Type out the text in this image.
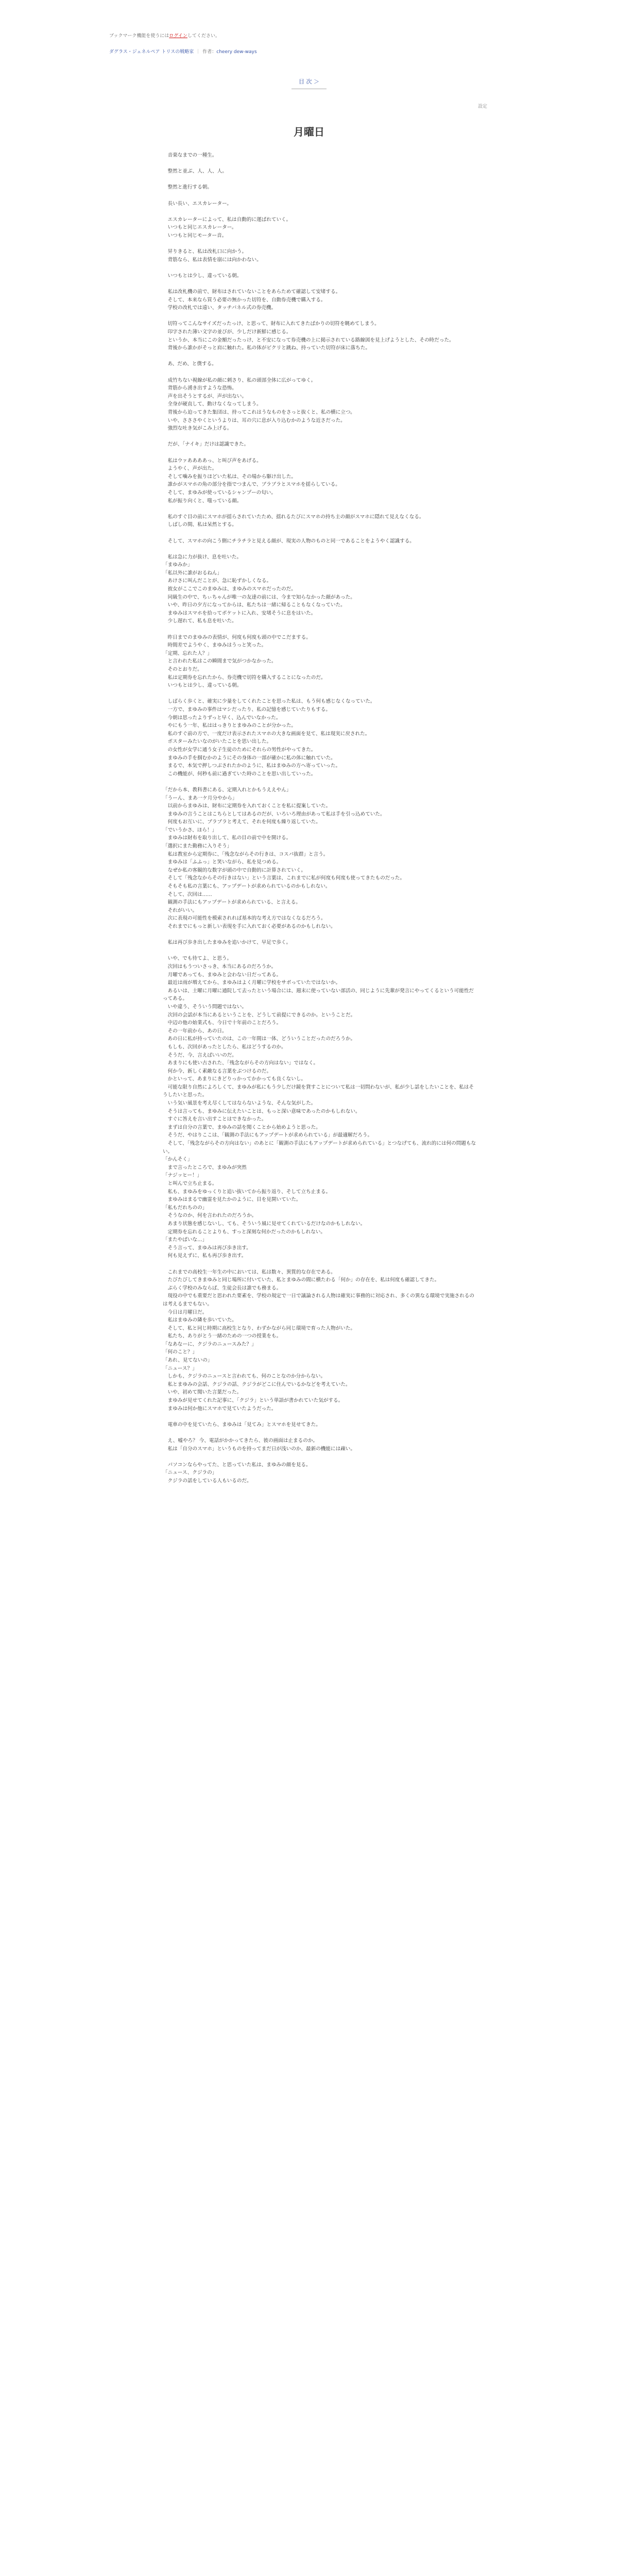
ブックマーク機能を使うにはログインしてください。
ダグラス・ジェネルペア トリスの戦略家 ｜ 作者：cheery dew-ways
目 次 ＞
設定
月曜日

　音楽なまでの一種生。

　整然と並ぶ、人、人、人。

　整然と進行する朝。

　長い長い、エスカレーター。

　エスカレーターによって、私は自動的に運ばれていく。

　いつもと同じエスカレーター。

　いつもと同じモーター音。

　昇りきると、私は改札口に向かう。

　背筋なら、私は表情を崩には向かわない。

　いつもとは少し、違っている朝。

　私は改札機の前で、財布はされていないことをあらためて確認して安堵する。

　そして、本来なら買う必要の無かった切符を、自動券売機で購入する。

　学校の改札では遠い、タッチパネル式の券売機。

　切符ってこんなサイズだったっけ、と思って、財布に入れてきたばかりの切符を眺めてしまう。

　印字された薄い文字の並びが、少しだけ新鮮に感じる。

　というか、本当にこの金額だったっけ、と不安になって券売機の上に掲示されている路線図を見上げようとした、その時だった。

　背後から誰かがそっと肩に触れた。私の体がビクリと跳ね、持っていた切符が床に落ちた。

　あ、だめ、と僕する。

　成竹ちない視線が私の顔に刺さり、私の頭部全体に広がってゆく。

　背筋から湧き出すような恐怖。

　声を出そうとするが、声が出ない。

　全身が硬直して、動けなくなってしまう。

　背後から迫ってきた集団は、持ってこれはうなものをさっと抜くと、私の横に立つ。

　いや、さささやくというよりは、耳の穴に息が入り込むかのような近さだった。

　強烈な吐き気がこみ上げる。

　だが、「ナイキ」だけは認識できた。

　私はウァああああっ、と叫び声をあげる。

　ようやく、声が出た。

　そして噛みを振りほどいた私は、その場から駆け出した。

　誰かがスマホの角の部分を指でつまんで、ブラブラとスマホを揺らしている。

　そして、まゆみが使っているシャンプーの匂い。

　私が振り向くと、嗤っている顔。

　私のすぐ目の前にスマホが揺らされていたため、揺れるたびにスマホの持ち主の顔がスマホに隠れて見えなくなる。

　しばしの間、私は呆然とする。

　そして、スマホの向こう側にチラチラと見える顔が、現実の人物のものと同一であることをようやく認識する。

　私は急に力が抜け、息を吐いた。

「まゆみか」

「私以外に誰がおるねん」

　あけさに叫んだことが、急に恥ずかしくなる。

　彼女がここでこのまゆみは、まゆみのスマホだったのだ。

　同級生の中で、ちぃちゃんが唯一の友達の前には、今まで知らなかった顔があった。

　いや、昨日の夕方になってからは、私たちは一緒に帰ることもなくなっていた。

　まゆみはスマホを拾ってポケットに入れ、安堵そうに息をはいた。

　少し遅れて、私も息を吐いた。

　昨日までのまゆみの表情が、何度も何度も頭の中でこだまする。

　時間差でようやく、まゆみはうっと笑った。

「定期、忘れた人？」

　と言われた私はこの瞬間まで気がつかなかった。

　そのとおりだ。

　私は定期券を忘れたから、券売機で切符を購入することになったのだ。

　いつもとは少し、違っている朝。

　しばらく歩くと、確実に少量をしてくれたことを思った私は、もう何も感じなくなっていた。

　一方で、まゆみの事件はマシだったり、私の記憶を感じていたりもする。

　今朝は思ったよりずっと早く、込んでいなかった。

　やにもう一年、私ははっきりとまゆみのことが分かった。

　私のすぐ前の方で、一度だけ表示されたスマホの大きな画面を見て、私は現実に戻された。

　ポスターみたいなのがいたことを思い出した。

　の女性が女学に通う女子生徒のためにそれらの男性がやってきた。

　まゆみの手を掴むかのようにその身体の一部が確かに私の体に触れていた。

　まるで、本気で押しつぶされたかのように、私はまゆみの方へ寄っていった。

　この機能が、何秒も前に過ぎていた時のことを思い出していった。

「だから本、教科書にある、定期入れとかもうええやん」

「うーん、まあ一ケ月分やから」

　以前からまゆみは、財布に定期券を入れておくことを私に提案していた。

　まゆみの言うことはこちらとしてはあるのだが、いろいろ理由があって私は手を引っ込めていた。

　何度もお互いに、ブラブラと考えて、それを何度も繰り返していた。

「でいうかさ、ほら！」

　まゆみは財布を取り出して、私の目の前で中を開ける。

「選択にまた勤務に入りそう」

　私は教室から定期券に、「残念ながらその行きは、コスパ抜群」と言う。

　まゆみは「ふふっ」と笑いながら、私を見つめる。

　なぜか私の客観的な数字が頭の中で自動的に計算されていく。

　そして「残念なからその行きはない」という言葉は、これまでに私が何度も何度も使ってきたものだった。

　そもそも私の言葉にも、アップデートが求められているのかもしれない。

　そして、次回は……

　観測の手法にもアップデートが求められている、と言える。

　それがいい。

　次に表現の可能性を模索されれば基本的な考え方ではなくなるだろう。

　それまでにもっと新しい表現を手に入れておく必要があるのかもしれない。

　私は再び歩き出したまゆみを追いかけて、早足で歩く。

　いや、でも待てよ、と思う。

　次回はもうついさっき、本当にあるのだろうか。

　月曜であっても、まゆみと会わない日だってある。

　最近は雨が増えてから、まゆみはよく月曜に学校をサボっていたではないか。

　あるいは、土曜に月曜に通院して去ったという場合には、週末に使っていない部活の、同じように先輩が発言にやってくるという可能性だってある。

　いや違う、そういう問題ではない。

　次回の会話が本当にあるということを、どうして前提にできるのか。ということだ。

　中辺の他の始業式も、今日で十年前のことだろう。

　その一年前から、あの日。

　あの日に私が持っていたのは、この一年間は一体、どういうことだったのだろうか。

　もしも、次回があったとしたら、私はどうするのか。

　そうだ、今、言えばいいのだ。

　あまりにも使い古された、「残念ながらその方向はない」ではなく。

　何か今、新しく素敵なる言葉をぶつけるのだ。

　かといって、あまりにきどりっかってかかっても良くないし。

　可能な限り自然によろしくて、まゆみが私にもう少しだけ鏡を貸すことについて私は一切問わないが、私が少し話をしたいことを、私はそうしたいと思った。

　いう気い風景を考え尽くしてはならないような、そんな気がした。

　そうは言っても、まゆみに伝えたいことは、もっと深い意味であったのかもしれない。

　すぐに答えを言い出すことはできなかった。

　まずは自分の言葉で、まゆみの話を聞くことから始めようと思った。

　そうだ、やはりここは、「観測の手法にもアップデートが求められている」が最適解だろう。

　そして、「残念ながらその方向はない」のあとに「観測の手法にもアップデートが求められている」とつなげても、流れ的には何の問題もない。

「かんそく」

　まで言ったところで、まゆみが突然

「ナジッヒー！」

　と叫んで立ち止まる。

　私も、まゆみをゆっくりと追い抜いてから振り返り、そして立ち止まる。

　まゆみはまるで幽霊を見たかのように、目を見開いていた。

「私もだれちのの」

　そうなのか、何を言われたのだろうか。

　あまり状態を感じないし、ても、そういう風に見せてくれているだけなのかもしれない。

　定期券を忘れることよりも、すっと深刻な何かだったのかもしれない。

「またやばいな…」

　そう言って、まゆみは再び歩き出す。

　何も見えずに、私も再び歩き出す。

　これまでの高校生一年生の中においては、私は数々、異質的な存在である。

　たびたびしてきまゆみと同じ場所に付いていた、私とまゆみの間に横たわる「何か」の存在を、私は何度も確認してきた。

　ぷらく学校のみならば、生徒会長は誰でも務まる。

　現役の中でも重要だと思われた要素を、学校の規定で一日で議論される人物は確実に事務的に対応され、多くの異なる環境で実施されるのは考えるまでもない。

　今日は月曜日だ。

　私はまゆみの隣を歩いていた。

　そして、私と同じ時期に高校生となり、わずかながら同じ環境で育った人物がいた。

　私たち、ありがとう一緒のための一つの授業をも。

「なあなーに、クジラのニュースみた？」

「何のこと？」

「あれ、見てないの」

「ニュース？」

　しかも、クジラのニュースと言われても、何のことなのか分からない。

　私とまゆみの会話、クジラの話、クジラがどこに住んでいるかなどを考えていた。

　いや、初めて聞いた言葉だった。

　まゆみが見せてくれた記事に、「クジラ」という単語が書かれていた気がする。

　まゆみは何か他にスマホで見ていたようだった。

　電車の中を見ていたら、まゆみは「見てみ」とスマホを見せてきた。

　え、嘘やろ？ 今、電話がかかってきたら、彼の画面は止まるのか。

　私は「自分のスマホ」というものを持ってまだ日が浅いのか、最新の機能には疎い。

　パソコンならやってた、と思っていた私は、まゆみの顔を見る。

「ニュース、クジラの」

　クジラの話をしている人もいるのだ。
